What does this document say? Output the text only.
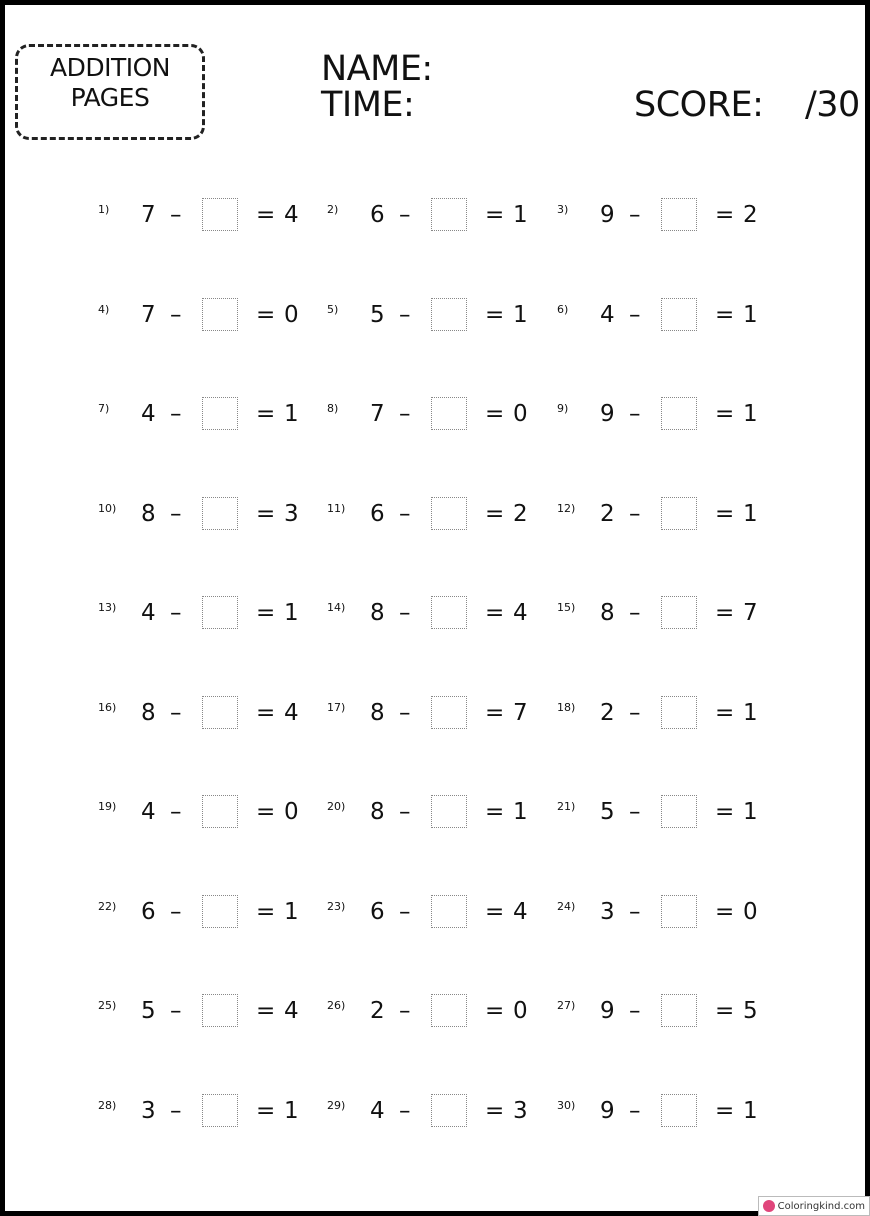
ADDITION
PAGES
NAME:
TIME:	SCORE: /30
1) 7 –	= 4	2) 6 –	= 1	3) 9 –	= 2
4) 7 –	= 0	5) 5 –	= 1	6) 4 –	= 1
7) 4 –	= 1	8) 7 –	= 0	9) 9 –	= 1
10) 8 –	= 3	11) 6 –	= 2	12) 2 –	= 1
13) 4 –	= 1	14) 8 –	= 4	15) 8 –	= 7
16) 8 –	= 4	17) 8 –	= 7	18) 2 –	= 1
19) 4 –	= 0	20) 8 –	= 1	21) 5 –	= 1
22) 6 –	= 1	23) 6 –	= 4	24) 3 –	= 0
25) 5 –	= 4	26) 2 –	= 0	27) 9 –	= 5
28) 3 –	= 1	29) 4 –	= 3	30) 9 –	= 1
Coloringkind.com
